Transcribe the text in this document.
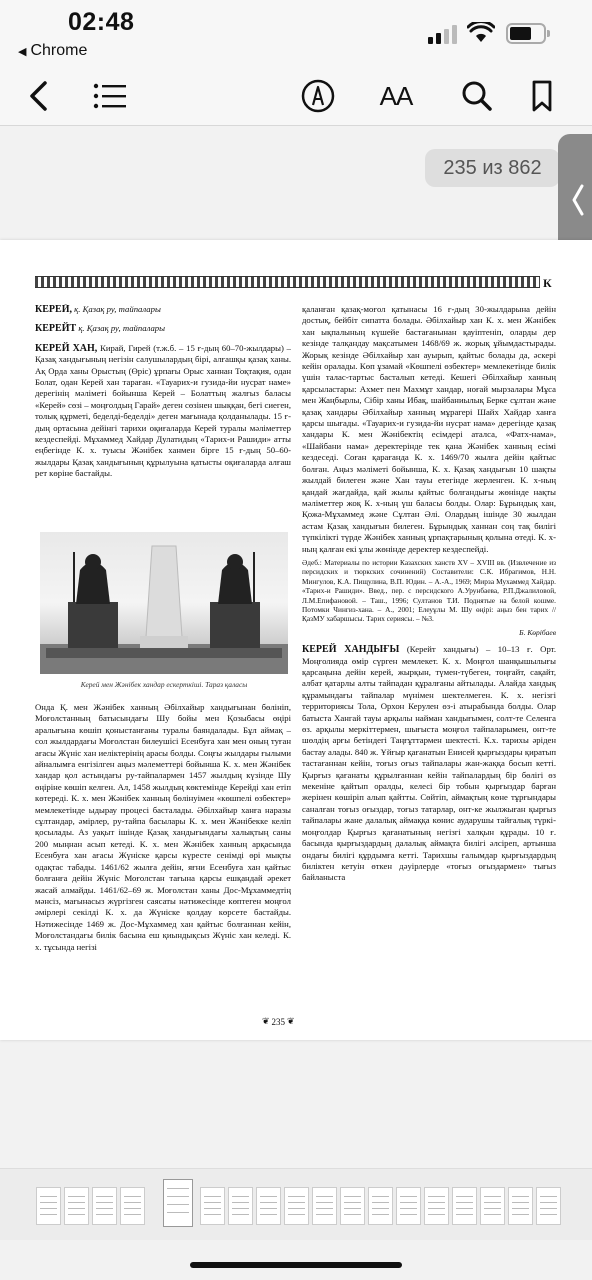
02:48
◀ Chrome
AA
235 из 862
К

КЕРЕЙ, қ. Қазақ ру, тайпалары

КЕРЕЙТ қ. Қазақ ру, тайпалары

КЕРЕЙ ХАН, Кирай, Гирей (т.ж.б. – 15 ғ-дың 60–70-жылдары) – Қазақ хандығының негізін салушылардың бірі, алғашқы қазақ ханы. Ақ Орда ханы Орыстың (Өріс) ұрпағы Орыс ханнан Тоқтақия, одан Болат, одан Керей хан тараған. «Тауарих-и гузида-йи нусрат наме» дерегінің мәліметі бойынша Керей – Болаттың жалғыз баласы «Керей» сөзі – моңғолдың Гарай» деген сөзінен шыққан, бегі сиеген, толық құрметі, беделді-беделді» деген мағынада қолданылады. 15 ғ-дың ортасына дейінгі тарихи оқиғаларда Керей туралы мәліметтер кездеспейді. Мұхаммед Хайдар Дулатидың «Тарих-и Рашиди» атты еңбегінде К. х. туысы Жәнібек ханмен бірге 15 ғ-дың 50–60-жылдары Қазақ хандығының құрылуына қатысты оқиғаларда алғаш рет көріне бастайды.

Керей мен Жәнібек хандар ескерткіші. Тараз қаласы

Онда Қ. мен Жәнібек ханның Әбілхайыр хандығынан бөлініп, Моғолстанның батысындағы Шу бойы мен Қозыбасы өңірі аралығына көшіп қоныстанғаны туралы баяндалады. Бұл аймақ – сол жылдардағы Моғолстан билеушісі Есенбуға хан мен оның туған ағасы Жүніс хан иеліктерінің арасы болды. Соңғы жылдары ғылыми айналымға енгізілген аңыз мәлеметтері бойынша К. х. мен Жәнібек хандар қол астындағы ру-тайпалармен 1457 жылдың күзінде Шу өңіріне көшіп келген. Ал, 1458 жылдың көктемінде Керейді хан етіп көтереді. К. х. мен Жәнібек ханның бөлінуімен «көшпелі өзбектер» мемлекетінде ыдырау процесі басталады. Әбілхайыр ханға наразы сұлтандар, әмірлер, ру-тайпа басылары К. х. мен Жәнібекке келіп қосылады. Аз уақыт ішінде Қазақ хандығындағы халықтың саны 200 мыңнан асып кетеді. К. х. мен Жәнібек ханның арқасында Есенбуға хан ағасы Жүніске қарсы күресте сенімді өрі мықты одақтас табады. 1461/62 жылға дейін, яғни Есенбуға хан қайтыс болғанға дейін Жүніс Моғолстан тағына қарсы ешқандай әрекет жасай алмайды. 1461/62–69 ж. Моғолстан ханы Дос-Мұхаммедтің мәнсіз, мағынасыз жүргізген саясаты нәтижесінде көптеген моңғол әмірлері секілді К. х. да Жүніске қолдау көрсете бастайды. Нәтижесінде 1469 ж. Дос-Мұхаммед хан қайтыс болғаннан кейін, Моғолстандағы билік басына еш қиындықсыз Жүніс хан келеді. К. х. тұсында негізі

қаланған қазақ-моғол қатынасы 16 ғ-дың 30-жылдарына дейін достық, бейбіт сипатта болады. Әбілхайыр хан К. х. мен Жәнібек хан ықпалының күшейе бастағанынан қауіптеніп, оларды дер кезінде талқандау мақсатымен 1468/69 ж. жорық ұйымдастырады. Жорық кезінде Әбілхайыр хан ауырып, қайтыс болады да, әскері кейін оралады. Көп ұзамай «Көшпелі өзбектер» мемлекетінде билік үшін талас-тартыс басталып кетеді. Кешегі Әбілхайыр ханның қарсыластары: Ахмет пен Махмұт хандар, ноғай мырзалары Мұса мен Жаңбырлы, Сібір ханы Ибақ, шайбаниылық Берке сұлтан және қазақ хандары Әбілхайыр ханның мұрагері Шайх Хайдар ханға қарсы шығады. «Тауарих-и гузида-йи нусрат нама» дерегінде қазақ хандары К. мен Жәнібектің есімдері аталса, «Фатх-нама», «Шайбани нама» деректерінде тек қана Жәнібек ханның есімі кездеседі. Соған қарағанда К. х. 1469/70 жылға дейін қайтыс болған. Аңыз мәліметі бойынша, К. х. Қазақ хандығын 10 шақты жылдай билеген және Хан тауы етегінде жерленген. К. х-ның қандай жағдайда, қай жылы қайтыс болғандығы жөнінде нақты мәліметтер жоқ К. х-ның үш баласы болды. Олар: Бұрындық хан, Қожа-Мұхаммед және Сұлтан Әлі. Олардың ішінде 30 жылдан астам Қазақ хандығын билеген. Бұрындық ханнан соң тақ билігі түпкілікті түрде Жәнібек ханның ұрпақтарының қолына өтеді. К. х-ның қалған екі ұлы жөнінде деректер кездеспейді.

Әдеб.: Материалы по истории Казахских ханств XV – XVIII вв. (Извлечение из персидских и тюркских сочинений) Составители: С.К. Ибрагимов, Н.Н. Мингулов, К.А. Пищулина, В.П. Юдин. – А.-А., 1969; Мирза Мухаммед Хайдар. «Тарих-и Рашиди». Введ., пер. с персидского А.Урунбаева, Р.П.Джалиловой, Л.М.Епифановой. – Таш., 1996; Султанов Т.И. Поднятые на белой кошме. Потомки Чингиз-хана. – А., 2001; Елеуұлы М. Шу өңірі: аңыз бен тарих // ҚазМУ хабаршысы. Тарих сериясы. – №3.

Б. Көрібаев

КЕРЕЙ ХАНДЫҒЫ (Керейт хандығы) – 10–13 ғ. Орт. Моңғолияда өмір сүрген мемлекет. К. х. Моңғол шанқышылығы қарсаңына дейін керей, жырқын, түмен-түбеген, тоңғайт, сақайт, албат қатарлы алты тайпадан құралғаны айтылады. Алайда хандық құрамындағы тайпалар мүнімен шектелмеген. К. х. негізгі территориясы Тола, Орхон Керулен өз-і атырабында болды. Олар батыста Хангай тауы арқылы найман хандығымен, солт-те Селенга өз. арқылы меркіттермен, шығыста моңғол тайпаларымен, онт-те шөлдің арғы бетіндегі Таңғұттармен шектесті. К.х. тарихы әріден бастау алады. 840 ж. Ұйғыр қағанатын Енисей қырғыздары қиратып тастағаннан кейін, тоғыз оғыз тайпалары жан-жаққа босып кетті. Қырғыз қағанаты құрылғаннан кейін тайпалардың бір бөлігі өз мекеніне қайтып оралды, келесі бір тобын қырғыздар барған жерінен көшіріп алып қайтты. Сөйтіп, аймақтың көне тұрғындары саналған тоғыз оғыздар, тоғыз татарлар, онт-ке жылжыған қырғыз тайпалары жане далалық аймаққа көнис аударушы тайғалық түркі-моңғолдар Қырғыз қағанатының негізгі халқын құрады. 10 ғ. басында қырғыздардың далалық аймақта билігі әлсіреп, артынша ондағы билігі құрдымға кетті. Тарихшы ғалымдар қырғыздардың биліктен кетуін өткен дәуірлерде «тоғыз оғыздармен» тығыз байланыста

❦ 235 ❦
